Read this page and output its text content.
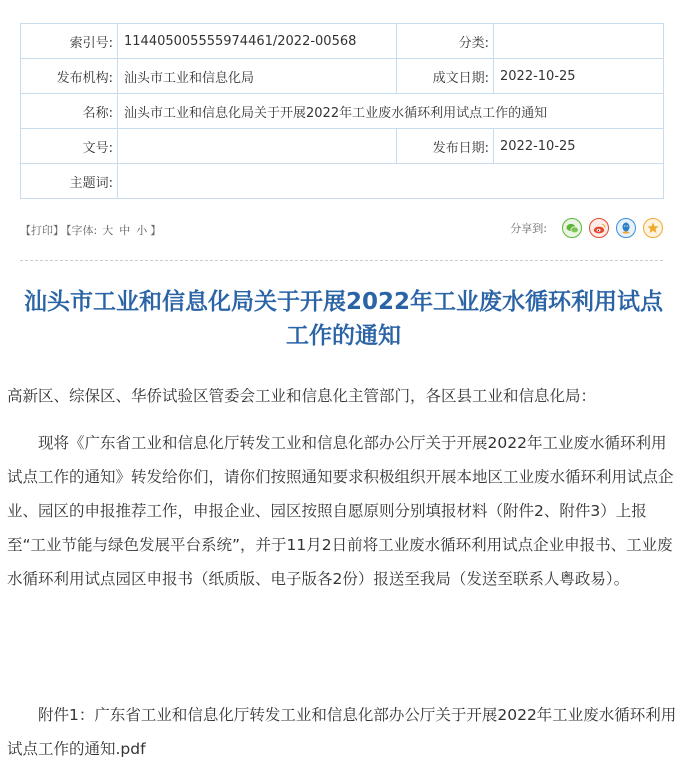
索引号:	114405005555974461/2022-00568	分类:	
发布机构:	汕头市工业和信息化局	成文日期:	2022-10-25
名称:	汕头市工业和信息化局关于开展2022年工业废水循环利用试点工作的通知		
文号:		发布日期:	2022-10-25
主题词:			
【打印】 【字体: 大 中 小 】	分享到:
汕头市工业和信息化局关于开展2022年工业废水循环利用试点工作的通知

高新区、综保区、华侨试验区管委会工业和信息化主管部门，各区县工业和信息化局：

现将《广东省工业和信息化厅转发工业和信息化部办公厅关于开展2022年工业废水循环利用试点工作的通知》转发给你们，请你们按照通知要求积极组织开展本地区工业废水循环利用试点企业、园区的申报推荐工作，申报企业、园区按照自愿原则分别填报材料（附件2、附件3）上报至“工业节能与绿色发展平台系统”，并于11月2日前将工业废水循环利用试点企业申报书、工业废水循环利用试点园区申报书（纸质版、电子版各2份）报送至我局（发送至联系人粤政易）。

附件1：广东省工业和信息化厅转发工业和信息化部办公厅关于开展2022年工业废水循环利用试点工作的通知.pdf
